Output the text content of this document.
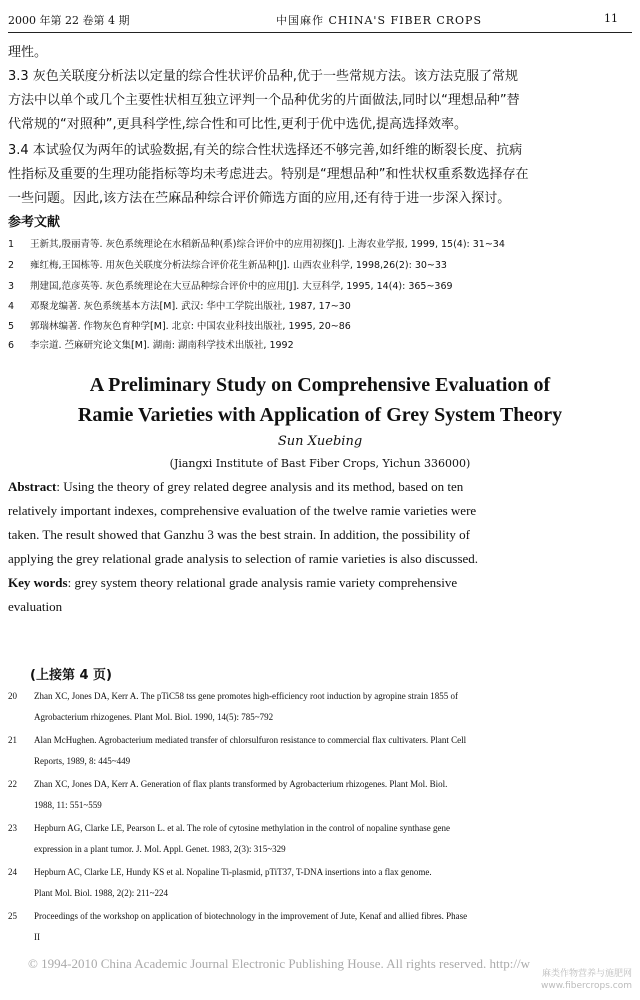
2000 年第 22 卷第 4 期	中国麻作 CHINA'S FIBER CROPS	11
理性。
3.3 灰色关联度分析法以定量的综合性状评价品种,优于一些常规方法。该方法克服了常规
方法中以单个或几个主要性状相互独立评判一个品种优劣的片面做法,同时以“理想品种”替
代常规的“对照种”,更具科学性,综合性和可比性,更利于优中选优,提高选择效率。
3.4 本试验仅为两年的试验数据,有关的综合性状选择还不够完善,如纤维的断裂长度、抗病
性指标及重要的生理功能指标等均未考虑进去。特别是“理想品种”和性状权重系数选择存在
一些问题。因此,该方法在苎麻品种综合评价筛选方面的应用,还有待于进一步深入探讨。
参考文献
1 王新其,殷丽青等. 灰色系统理论在水稻新品种(系)综合评价中的应用初探[J]. 上海农业学报, 1999, 15(4): 31~34
2 雍红梅,王国栋等. 用灰色关联度分析法综合评价花生新品种[J]. 山西农业科学, 1998,26(2): 30~33
3 荆建国,范彦英等. 灰色系统理论在大豆品种综合评价中的应用[J]. 大豆科学, 1995, 14(4): 365~369
4 邓聚龙编著. 灰色系统基本方法[M]. 武汉: 华中工学院出版社, 1987, 17~30
5 郭瑞林编著. 作物灰色育种学[M]. 北京: 中国农业科技出版社, 1995, 20~86
6 李宗道. 苎麻研究论文集[M]. 湖南: 湖南科学技术出版社, 1992
A Preliminary Study on Comprehensive Evaluation of
Ramie Varieties with Application of Grey System Theory
Sun Xuebing
(Jiangxi Institute of Bast Fiber Crops, Yichun 336000)
Abstract: Using the theory of grey related degree analysis and its method, based on ten
relatively important indexes, comprehensive evaluation of the twelve ramie varieties were
taken. The result showed that Ganzhu 3 was the best strain. In addition, the possibility of
applying the grey relational grade analysis to selection of ramie varieties is also discussed.
Key words: grey system theory relational grade analysis ramie variety comprehensive
evaluation
(上接第 4 页)
20 Zhan XC, Jones DA, Kerr A. The pTiC58 tss gene promotes high-efficiency root induction by agropine strain 1855 of
Agrobacterium rhizogenes. Plant Mol. Biol. 1990, 14(5): 785~792
21 Alan McHughen. Agrobacterium mediated transfer of chlorsulfuron resistance to commercial flax cultivaters. Plant Cell
Reports, 1989, 8: 445~449
22 Zhan XC, Jones DA, Kerr A. Generation of flax plants transformed by Agrobacterium rhizogenes. Plant Mol. Biol.
1988, 11: 551~559
23 Hepburn AG, Clarke LE, Pearson L. et al. The role of cytosine methylation in the control of nopaline synthase gene
expression in a plant tumor. J. Mol. Appl. Genet. 1983, 2(3): 315~329
24 Hepburn AC, Clarke LE, Hundy KS et al. Nopaline Ti-plasmid, pTiT37, T-DNA insertions into a flax genome.
Plant Mol. Biol. 1988, 2(2): 211~224
25 Proceedings of the workshop on application of biotechnology in the improvement of Jute, Kenaf and allied fibres. Phase
II
© 1994-2010 China Academic Journal Electronic Publishing House. All rights reserved. http://w
麻类作物营养与施肥网
www.fibercrops.com
